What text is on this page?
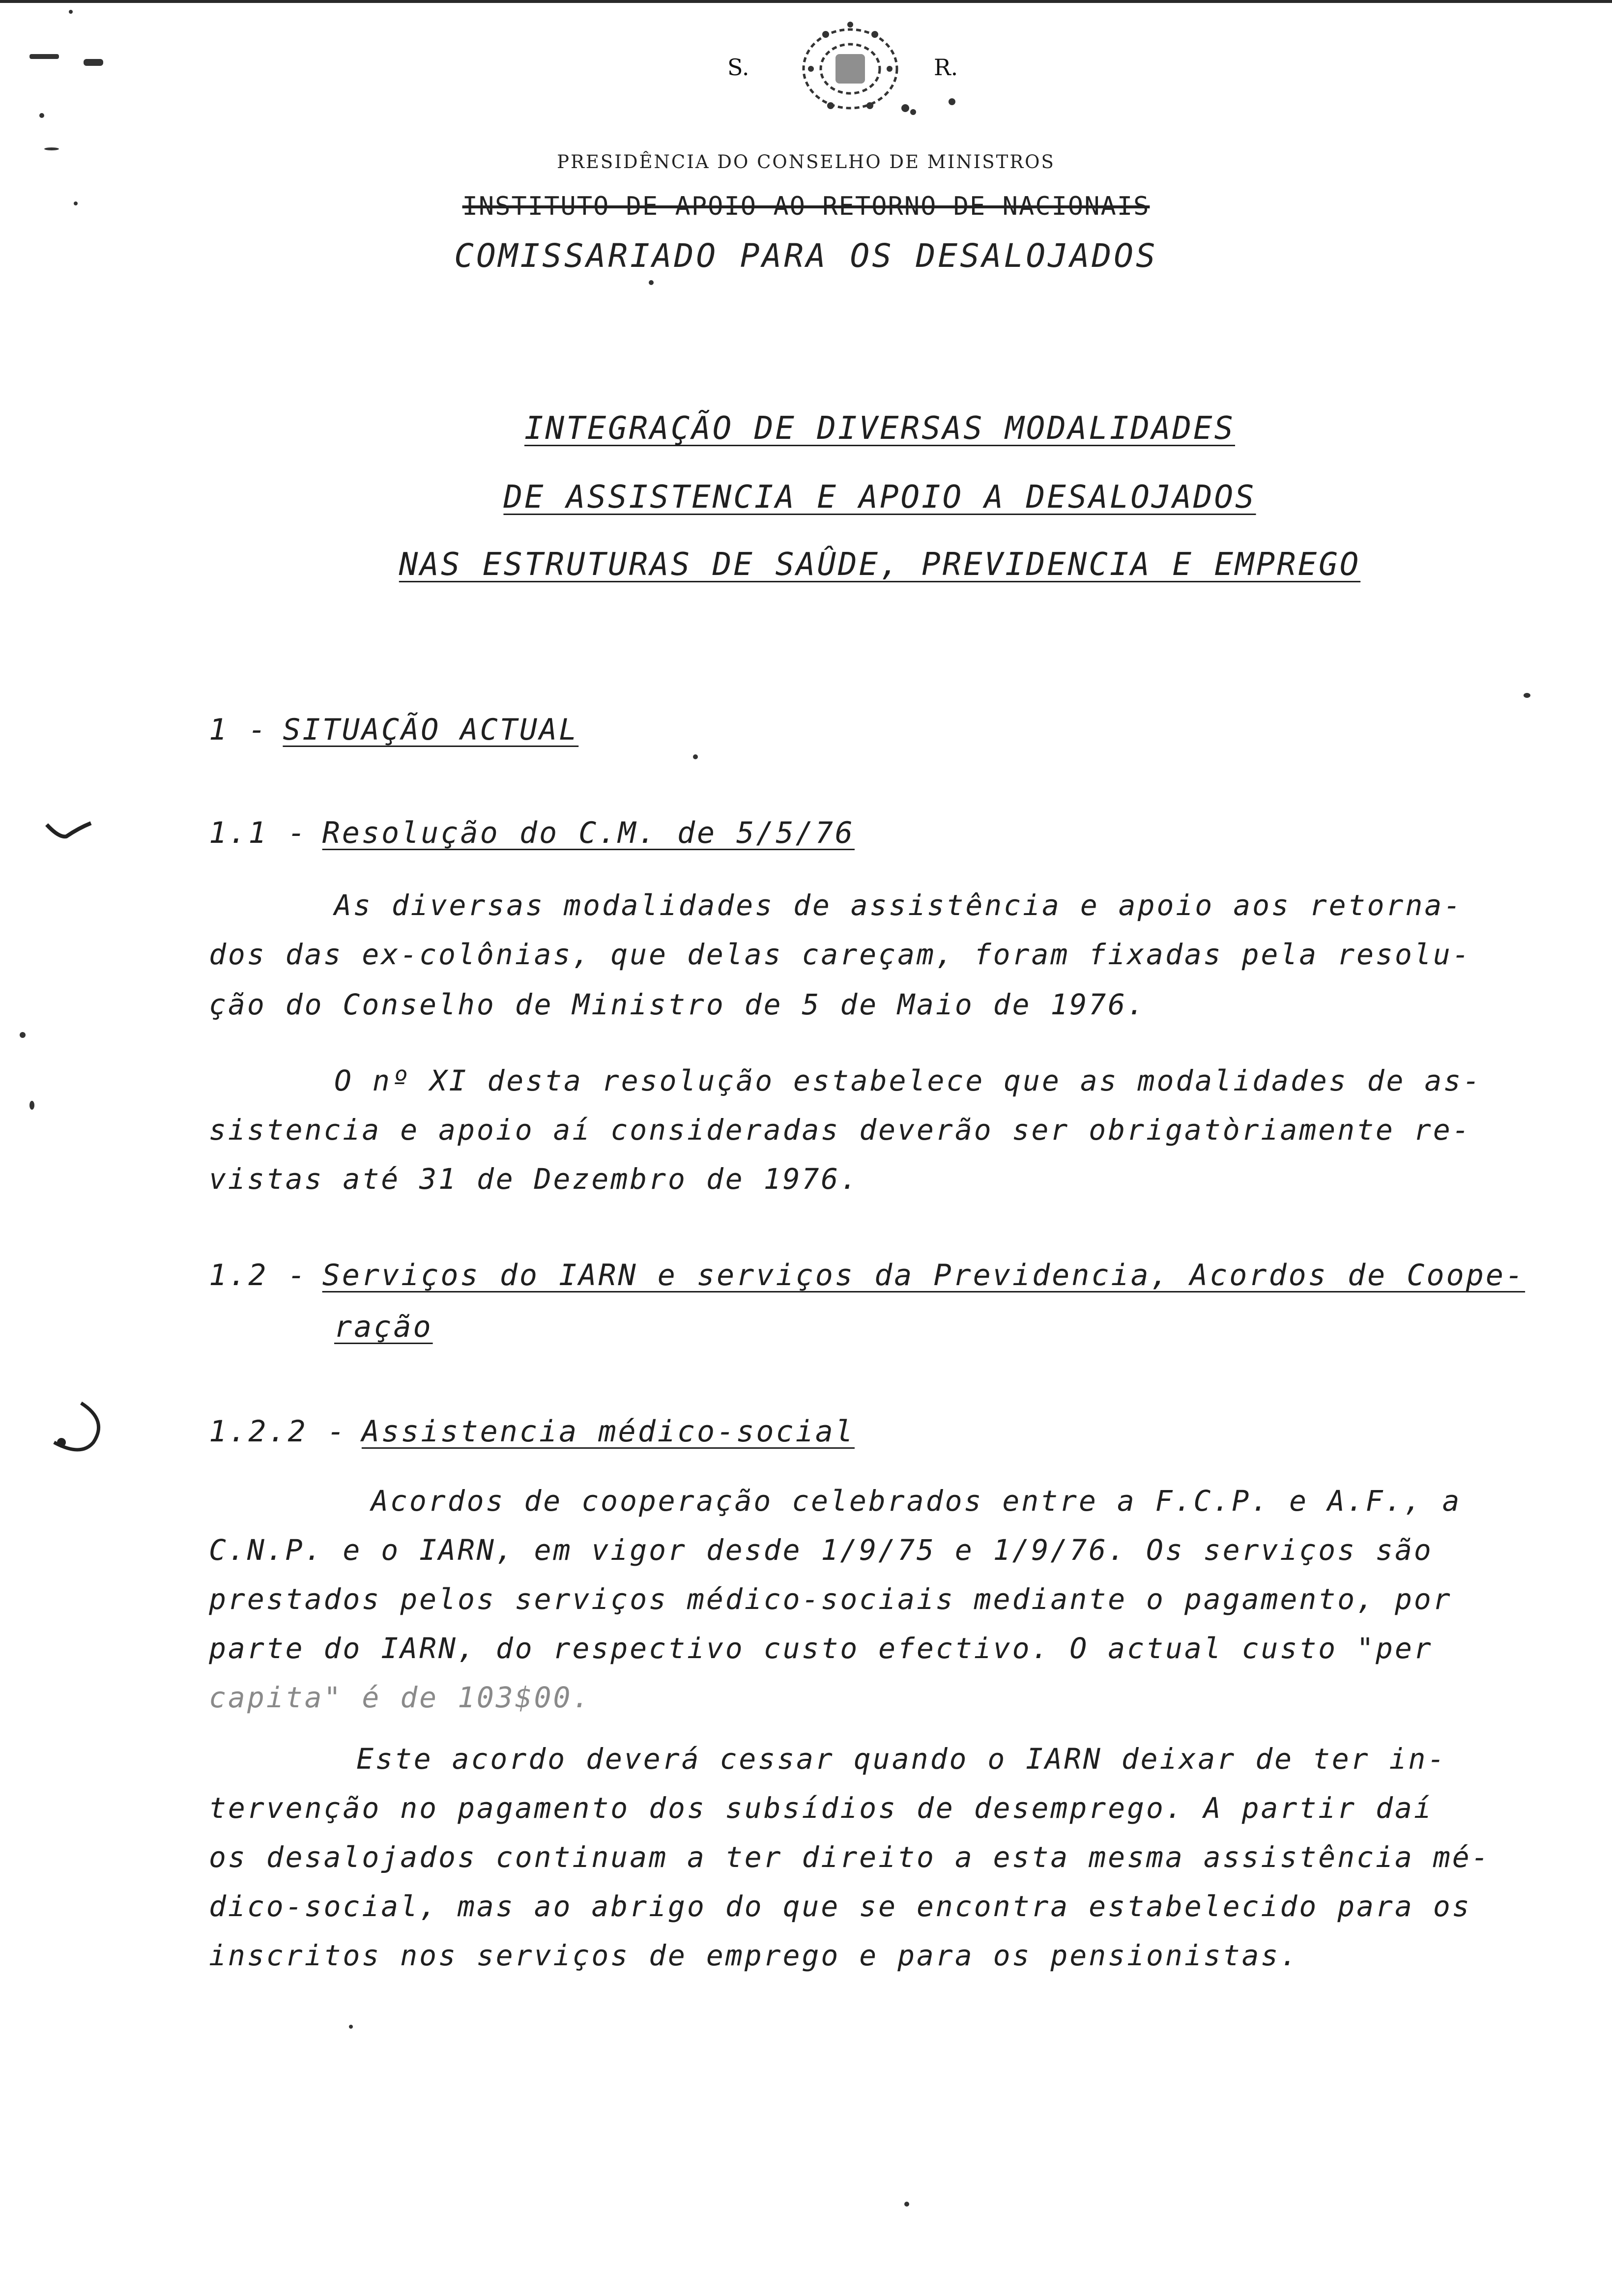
S.	R.
PRESIDÊNCIA DO CONSELHO DE MINISTROS
INSTITUTO DE APOIO AO RETORNO DE NACIONAIS
COMISSARIADO PARA OS DESALOJADOS
INTEGRAÇÃO DE DIVERSAS MODALIDADES
DE ASSISTENCIA E APOIO A DESALOJADOS
NAS ESTRUTURAS DE SAÛDE, PREVIDENCIA E EMPREGO
1 - SITUAÇÃO ACTUAL
1.1 - Resolução do C.M. de 5/5/76
As diversas modalidades de assistência e apoio aos retorna-
dos das ex-colônias, que delas careçam, foram fixadas pela resolu-
ção do Conselho de Ministro de 5 de Maio de 1976.
O nº XI desta resolução estabelece que as modalidades de as-
sistencia e apoio aí consideradas deverão ser obrigatòriamente re-
vistas até 31 de Dezembro de 1976.
1.2 - Serviços do IARN e serviços da Previdencia, Acordos de Coope-
ração
1.2.2 - Assistencia médico-social
Acordos de cooperação celebrados entre a F.C.P. e A.F., a
C.N.P. e o IARN, em vigor desde 1/9/75 e 1/9/76. Os serviços são
prestados pelos serviços médico-sociais mediante o pagamento, por
parte do IARN, do respectivo custo efectivo. O actual custo "per
capita" é de 103$00.
Este acordo deverá cessar quando o IARN deixar de ter in-
tervenção no pagamento dos subsídios de desemprego. A partir daí
os desalojados continuam a ter direito a esta mesma assistência mé-
dico-social, mas ao abrigo do que se encontra estabelecido para os
inscritos nos serviços de emprego e para os pensionistas.
